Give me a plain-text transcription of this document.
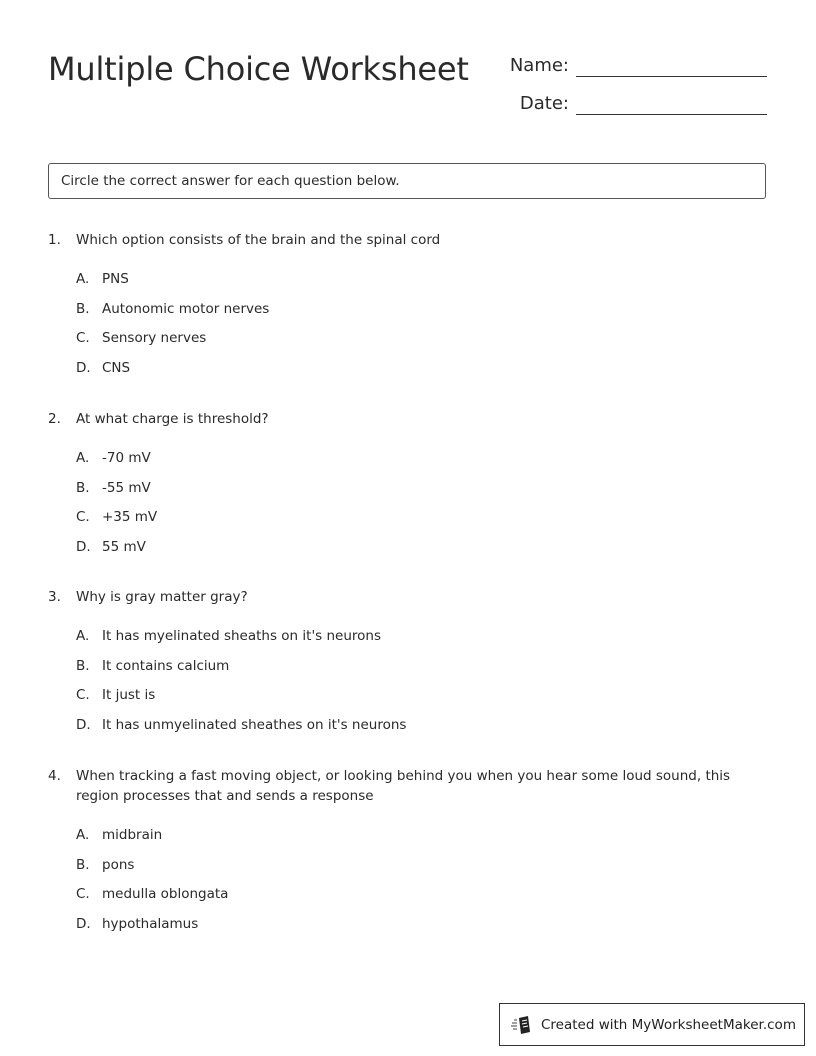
Multiple Choice Worksheet	Name:
Date:
Circle the correct answer for each question below.
1.	Which option consists of the brain and the spinal cord
A. PNS
B. Autonomic motor nerves
C. Sensory nerves
D. CNS
2.	At what charge is threshold?
A. -70 mV
B. -55 mV
C. +35 mV
D. 55 mV
3.	Why is gray matter gray?
A. It has myelinated sheaths on it's neurons
B. It contains calcium
C. It just is
D. It has unmyelinated sheathes on it's neurons
4.	When tracking a fast moving object, or looking behind you when you hear some loud sound, this region processes that and sends a response
A. midbrain
B. pons
C. medulla oblongata
D. hypothalamus
Created with MyWorksheetMaker.com
